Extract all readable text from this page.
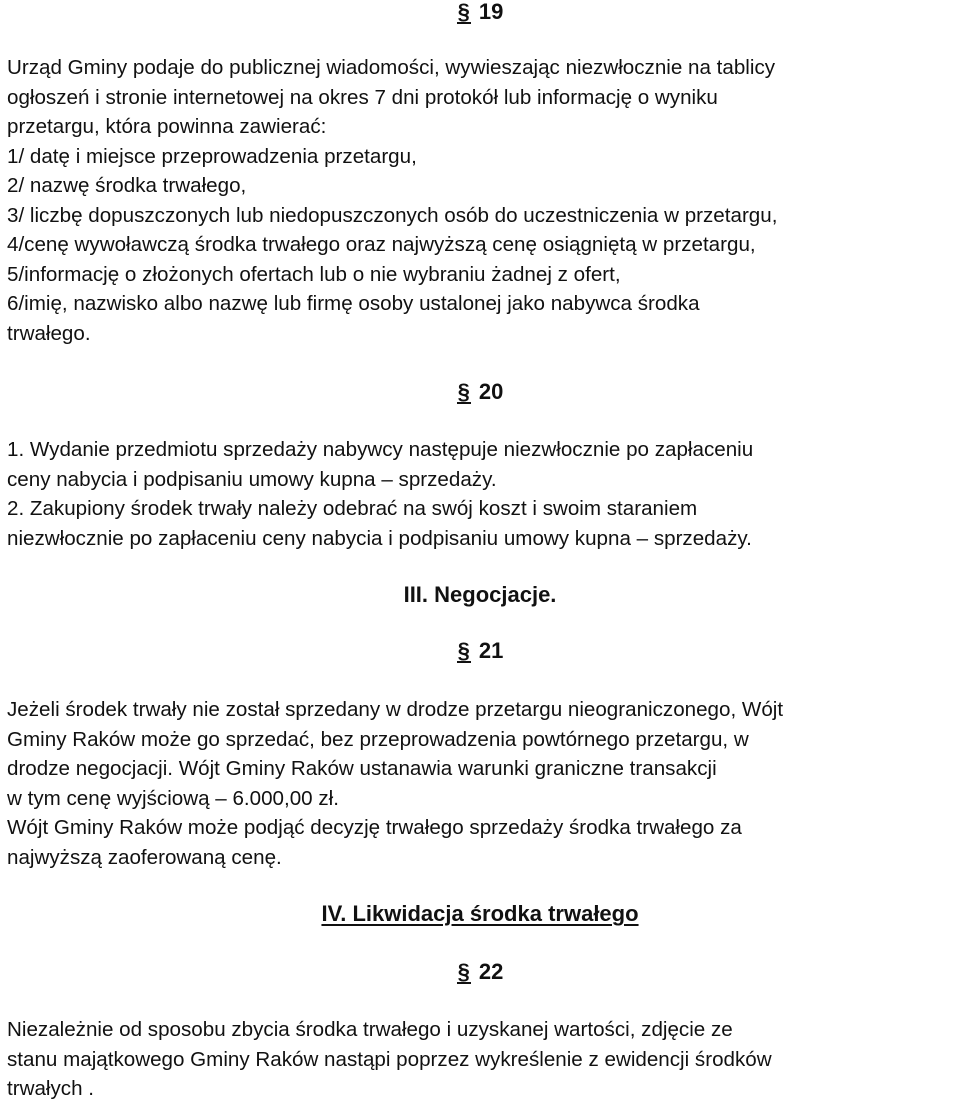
§ 19
Urząd Gminy podaje do publicznej wiadomości, wywieszając niezwłocznie na tablicy
ogłoszeń i stronie internetowej na okres 7 dni protokół lub informację o wyniku
przetargu, która powinna zawierać:
1/ datę i miejsce przeprowadzenia przetargu,
2/ nazwę środka trwałego,
3/ liczbę dopuszczonych lub niedopuszczonych osób do uczestniczenia w przetargu,
4/cenę wywoławczą środka trwałego oraz najwyższą cenę osiągniętą w przetargu,
5/informację o złożonych ofertach lub o nie wybraniu żadnej z ofert,
6/imię, nazwisko albo nazwę lub firmę osoby ustalonej jako nabywca środka
trwałego.
§ 20
1. Wydanie przedmiotu sprzedaży nabywcy następuje niezwłocznie po zapłaceniu
ceny nabycia i podpisaniu umowy kupna – sprzedaży.
2. Zakupiony środek trwały należy odebrać na swój koszt i swoim staraniem
niezwłocznie po zapłaceniu ceny nabycia i podpisaniu umowy kupna – sprzedaży.
III. Negocjacje.
§ 21
Jeżeli środek trwały nie został sprzedany w drodze przetargu nieograniczonego, Wójt
Gminy Raków może go sprzedać, bez przeprowadzenia powtórnego przetargu, w
drodze negocjacji. Wójt Gminy Raków ustanawia warunki graniczne transakcji
w tym cenę wyjściową – 6.000,00 zł.
Wójt Gminy Raków może podjąć decyzję trwałego sprzedaży środka trwałego za
najwyższą zaoferowaną cenę.
IV. Likwidacja środka trwałego
§ 22
Niezależnie od sposobu zbycia środka trwałego i uzyskanej wartości, zdjęcie ze
stanu majątkowego Gminy Raków nastąpi poprzez wykreślenie z ewidencji środków
trwałych .
